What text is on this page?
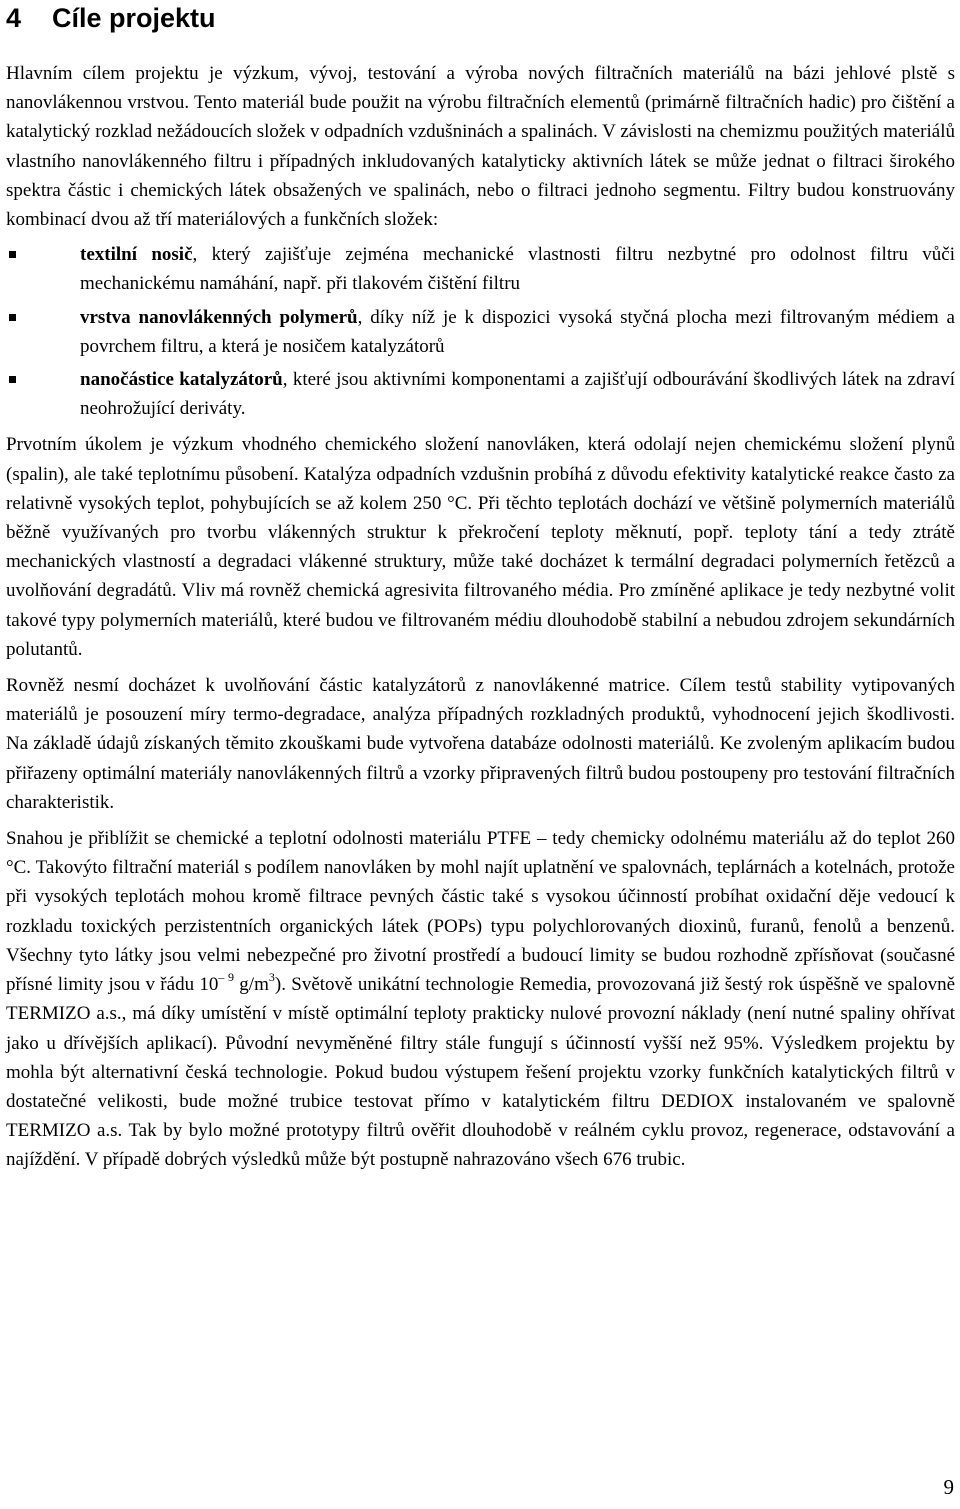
4 Cíle projektu

Hlavním cílem projektu je výzkum, vývoj, testování a výroba nových filtračních materiálů na bázi jehlové plstě s nanovlákennou vrstvou. Tento materiál bude použit na výrobu filtračních elementů (primárně filtračních hadic) pro čištění a katalytický rozklad nežádoucích složek v odpadních vzdušninách a spalinách. V závislosti na chemizmu použitých materiálů vlastního nanovlákenného filtru i případných inkludovaných katalyticky aktivních látek se může jednat o filtraci širokého spektra částic i chemických látek obsažených ve spalinách, nebo o filtraci jednoho segmentu. Filtry budou konstruovány kombinací dvou až tří materiálových a funkčních složek:

textilní nosič, který zajišťuje zejména mechanické vlastnosti filtru nezbytné pro odolnost filtru vůči mechanickému namáhání, např. při tlakovém čištění filtru
vrstva nanovlákenných polymerů, díky níž je k dispozici vysoká styčná plocha mezi filtrovaným médiem a povrchem filtru, a která je nosičem katalyzátorů
nanočástice katalyzátorů, které jsou aktivními komponentami a zajišťují odbourávání škodlivých látek na zdraví neohrožující deriváty.

Prvotním úkolem je výzkum vhodného chemického složení nanovláken, která odolají nejen chemickému složení plynů (spalin), ale také teplotnímu působení. Katalýza odpadních vzdušnin probíhá z důvodu efektivity katalytické reakce často za relativně vysokých teplot, pohybujících se až kolem 250 °C. Při těchto teplotách dochází ve většině polymerních materiálů běžně využívaných pro tvorbu vlákenných struktur k překročení teploty měknutí, popř. teploty tání a tedy ztrátě mechanických vlastností a degradaci vlákenné struktury, může také docházet k termální degradaci polymerních řetězců a uvolňování degradátů. Vliv má rovněž chemická agresivita filtrovaného média. Pro zmíněné aplikace je tedy nezbytné volit takové typy polymerních materiálů, které budou ve filtrovaném médiu dlouhodobě stabilní a nebudou zdrojem sekundárních polutantů.

Rovněž nesmí docházet k uvolňování částic katalyzátorů z nanovlákenné matrice. Cílem testů stability vytipovaných materiálů je posouzení míry termo-degradace, analýza případných rozkladných produktů, vyhodnocení jejich škodlivosti. Na základě údajů získaných těmito zkouškami bude vytvořena databáze odolnosti materiálů. Ke zvoleným aplikacím budou přiřazeny optimální materiály nanovlákenných filtrů a vzorky připravených filtrů budou postoupeny pro testování filtračních charakteristik.

Snahou je přiblížit se chemické a teplotní odolnosti materiálu PTFE – tedy chemicky odolnému materiálu až do teplot 260 °C. Takovýto filtrační materiál s podílem nanovláken by mohl najít uplatnění ve spalovnách, teplárnách a kotelnách, protože při vysokých teplotách mohou kromě filtrace pevných částic také s vysokou účinností probíhat oxidační děje vedoucí k rozkladu toxických perzistentních organických látek (POPs) typu polychlorovaných dioxinů, furanů, fenolů a benzenů. Všechny tyto látky jsou velmi nebezpečné pro životní prostředí a budoucí limity se budou rozhodně zpřísňovat (současné přísné limity jsou v řádu $10^{- 9}$ $g/m^3$). Světově unikátní technologie Remedia, provozovaná již šestý rok úspěšně ve spalovně TERMIZO a.s., má díky umístění v místě optimální teploty prakticky nulové provozní náklady (není nutné spaliny ohřívat jako u dřívějších aplikací). Původní nevyměněné filtry stále fungují s účinností vyšší než 95%. Výsledkem projektu by mohla být alternativní česká technologie. Pokud budou výstupem řešení projektu vzorky funkčních katalytických filtrů v dostatečné velikosti, bude možné trubice testovat přímo v katalytickém filtru DEDIOX instalovaném ve spalovně TERMIZO a.s. Tak by bylo možné prototypy filtrů ověřit dlouhodobě v reálném cyklu provoz, regenerace, odstavování a najíždění. V případě dobrých výsledků může být postupně nahrazováno všech 676 trubic.

9
